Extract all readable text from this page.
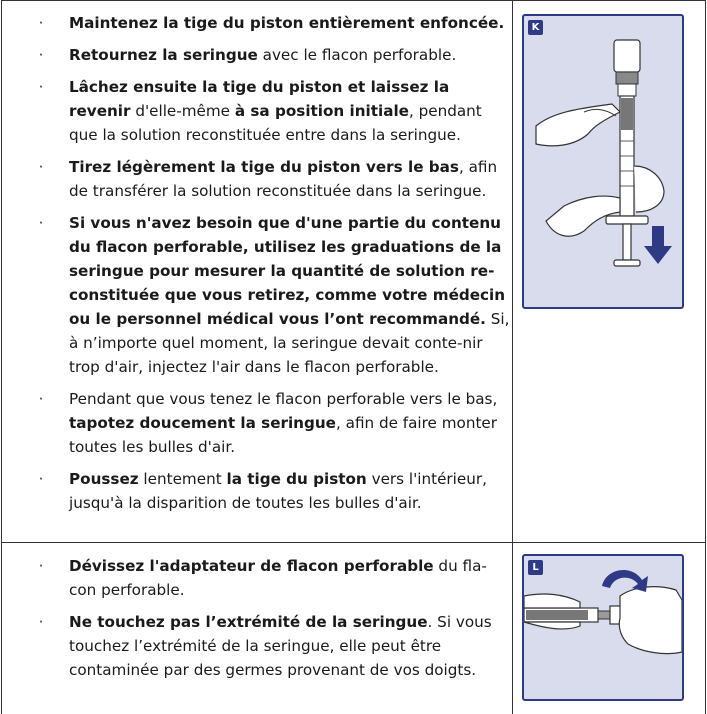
· Maintenez la tige du piston entièrement enfoncée.
· Retournez la seringue avec le flacon perforable.
· Lâchez ensuite la tige du piston et laissez la revenir d'elle-même à sa position initiale, pendant que la solution reconstituée entre dans la seringue.
· Tirez légèrement la tige du piston vers le bas, afin de transférer la solution reconstituée dans la seringue.
· Si vous n'avez besoin que d'une partie du contenu du flacon perforable, utilisez les graduations de la seringue pour mesurer la quantité de solution re-constituée que vous retirez, comme votre médecin ou le personnel médical vous l’ont recommandé. Si, à n’importe quel moment, la seringue devait conte-nir trop d'air, injectez l'air dans le flacon perforable.
· Pendant que vous tenez le flacon perforable vers le bas, tapotez doucement la seringue, afin de faire monter toutes les bulles d'air.
· Poussez lentement la tige du piston vers l'intérieur, jusqu'à la disparition de toutes les bulles d'air.
K
· Dévissez l'adaptateur de flacon perforable du fla-con perforable.
· Ne touchez pas l’extrémité de la seringue. Si vous touchez l’extrémité de la seringue, elle peut être contaminée par des germes provenant de vos doigts.
L
